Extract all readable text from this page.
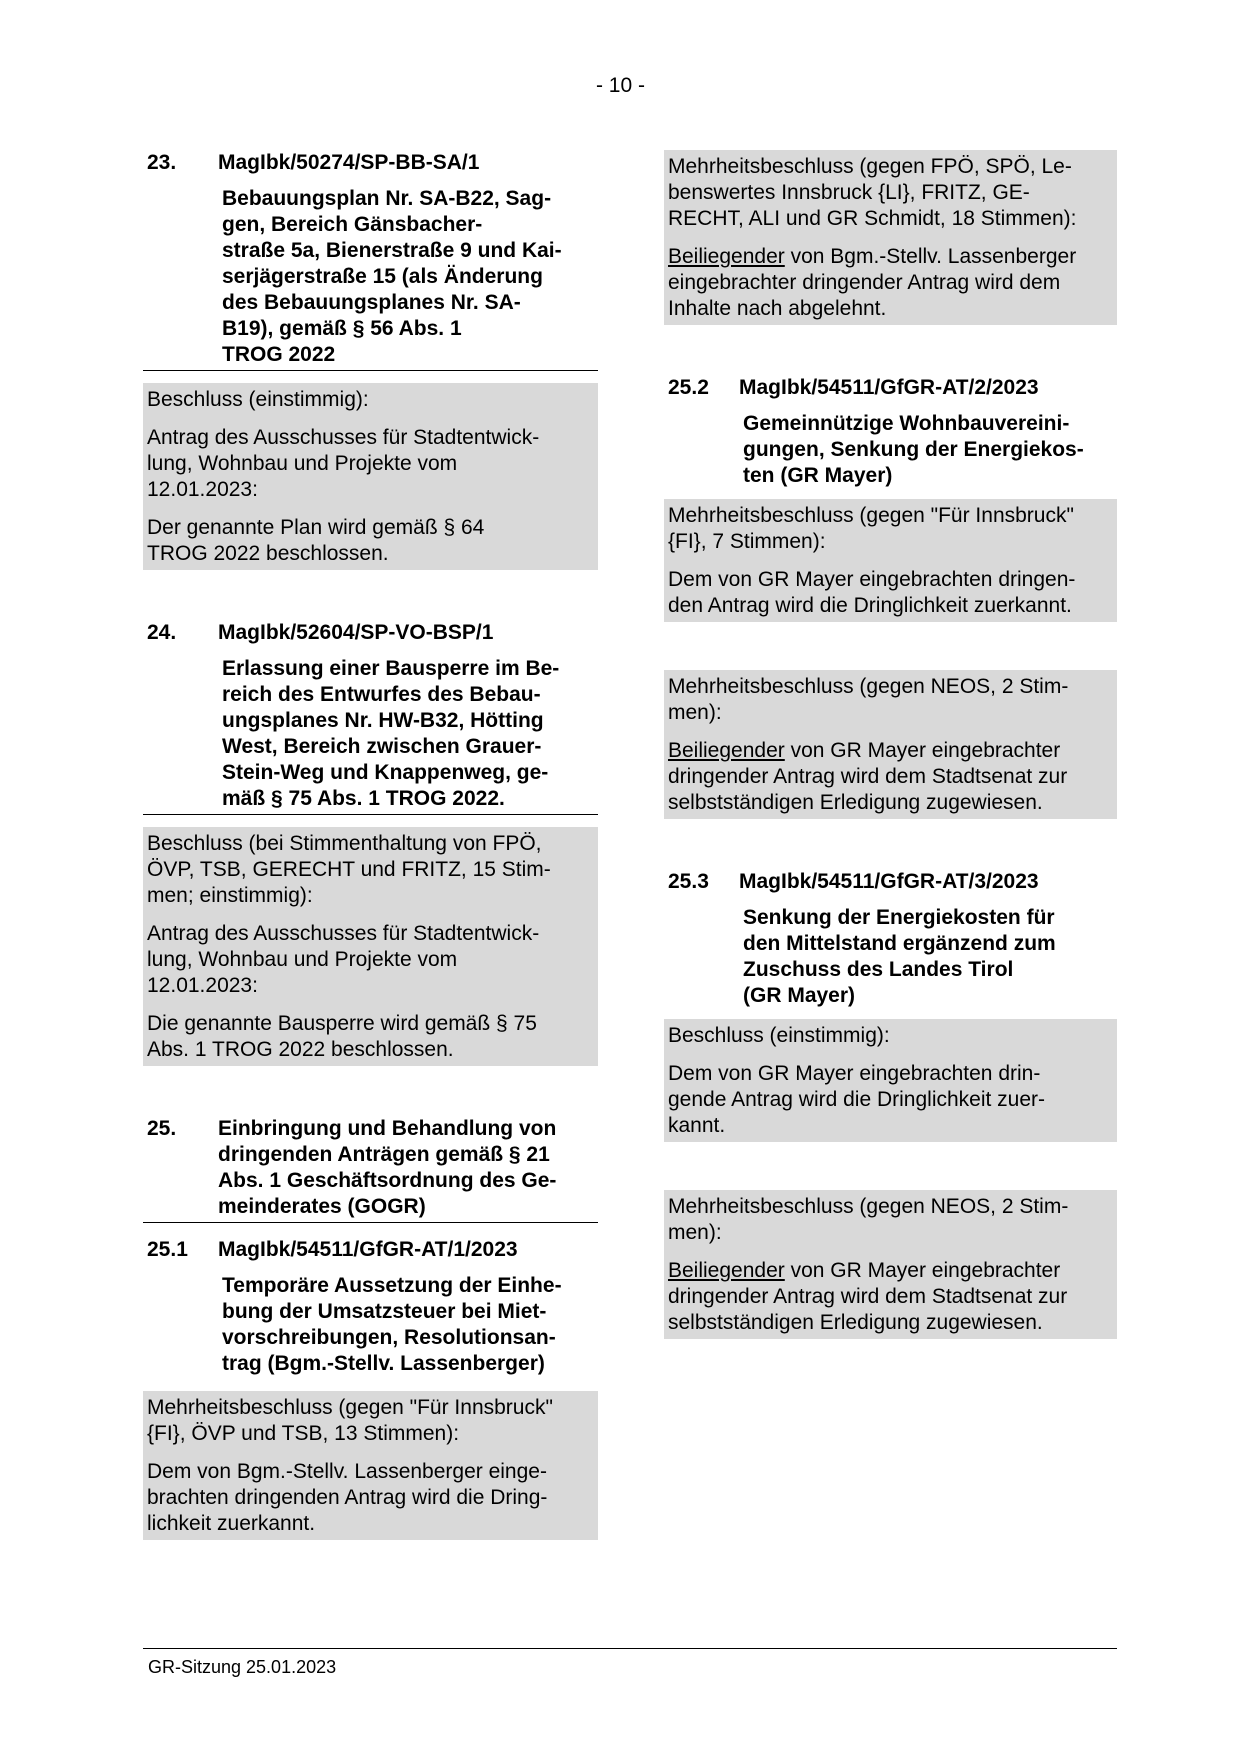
- 10 -
23.	MagIbk/50274/SP-BB-SA/1
Bebauungsplan Nr. SA-B22, Sag-
gen, Bereich Gänsbacher-
straße 5a, Bienerstraße 9 und Kai-
serjägerstraße 15 (als Änderung
des Bebauungsplanes Nr. SA-
B19), gemäß § 56 Abs. 1
TROG 2022

Beschluss (einstimmig):

Antrag des Ausschusses für Stadtentwick-
lung, Wohnbau und Projekte vom
12.01.2023:

Der genannte Plan wird gemäß § 64
TROG 2022 beschlossen.

24.	MagIbk/52604/SP-VO-BSP/1
Erlassung einer Bausperre im Be-
reich des Entwurfes des Bebau-
ungsplanes Nr. HW-B32, Hötting
West, Bereich zwischen Grauer-
Stein-Weg und Knappenweg, ge-
mäß § 75 Abs. 1 TROG 2022.

Beschluss (bei Stimmenthaltung von FPÖ,
ÖVP, TSB, GERECHT und FRITZ, 15 Stim-
men; einstimmig):

Antrag des Ausschusses für Stadtentwick-
lung, Wohnbau und Projekte vom
12.01.2023:

Die genannte Bausperre wird gemäß § 75
Abs. 1 TROG 2022 beschlossen.

25.	Einbringung und Behandlung von
dringenden Anträgen gemäß § 21
Abs. 1 Geschäftsordnung des Ge-
meinderates (GOGR)
25.1	MagIbk/54511/GfGR-AT/1/2023
Temporäre Aussetzung der Einhe-
bung der Umsatzsteuer bei Miet-
vorschreibungen, Resolutionsan-
trag (Bgm.-Stellv. Lassenberger)

Mehrheitsbeschluss (gegen "Für Innsbruck"
{FI}, ÖVP und TSB, 13 Stimmen):

Dem von Bgm.-Stellv. Lassenberger einge-
brachten dringenden Antrag wird die Dring-
lichkeit zuerkannt.

Mehrheitsbeschluss (gegen FPÖ, SPÖ, Le-
benswertes Innsbruck {LI}, FRITZ, GE-
RECHT, ALI und GR Schmidt, 18 Stimmen):

Beiliegender von Bgm.-Stellv. Lassenberger
eingebrachter dringender Antrag wird dem
Inhalte nach abgelehnt.

25.2	MagIbk/54511/GfGR-AT/2/2023
Gemeinnützige Wohnbauvereini-
gungen, Senkung der Energiekos-
ten (GR Mayer)

Mehrheitsbeschluss (gegen "Für Innsbruck"
{FI}, 7 Stimmen):

Dem von GR Mayer eingebrachten dringen-
den Antrag wird die Dringlichkeit zuerkannt.

Mehrheitsbeschluss (gegen NEOS, 2 Stim-
men):

Beiliegender von GR Mayer eingebrachter
dringender Antrag wird dem Stadtsenat zur
selbstständigen Erledigung zugewiesen.

25.3	MagIbk/54511/GfGR-AT/3/2023
Senkung der Energiekosten für
den Mittelstand ergänzend zum
Zuschuss des Landes Tirol
(GR Mayer)

Beschluss (einstimmig):

Dem von GR Mayer eingebrachten drin-
gende Antrag wird die Dringlichkeit zuer-
kannt.

Mehrheitsbeschluss (gegen NEOS, 2 Stim-
men):

Beiliegender von GR Mayer eingebrachter
dringender Antrag wird dem Stadtsenat zur
selbstständigen Erledigung zugewiesen.

GR-Sitzung 25.01.2023
